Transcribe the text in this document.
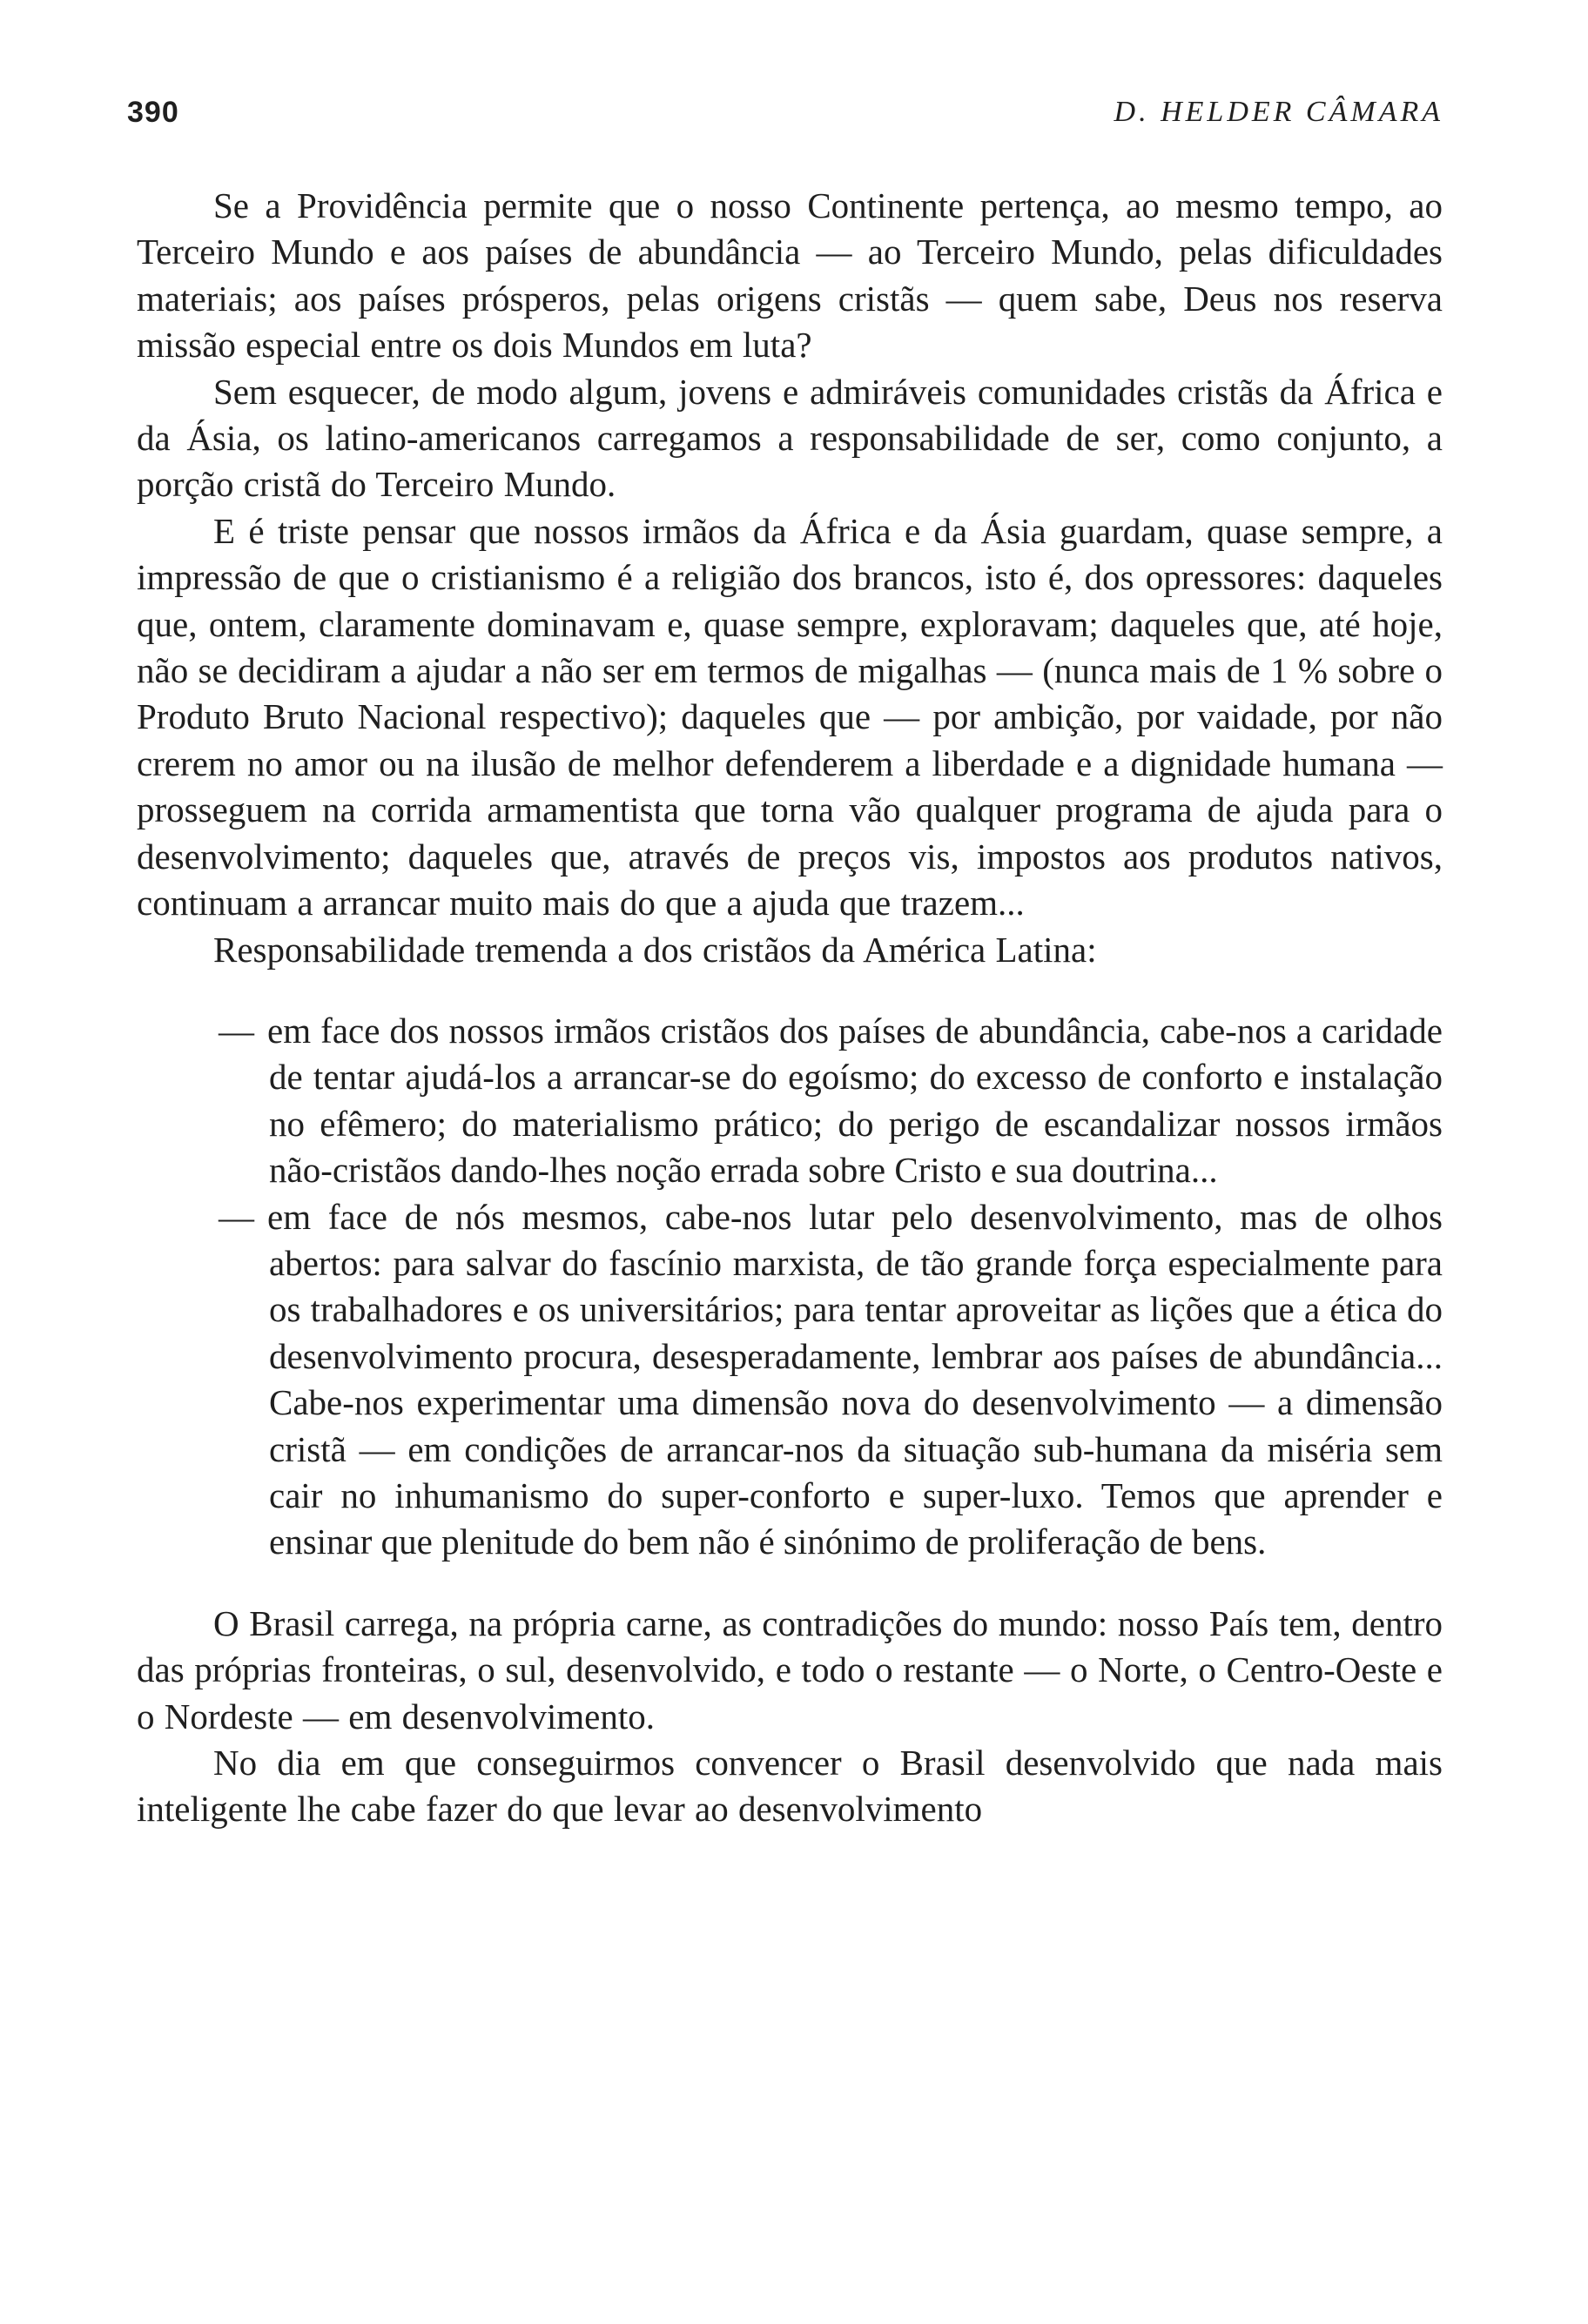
390	D. HELDER CÂMARA

Se a Providência permite que o nosso Continente pertença, ao mesmo tempo, ao Terceiro Mundo e aos países de abundância — ao Terceiro Mundo, pelas dificuldades materiais; aos países prósperos, pelas origens cristãs — quem sabe, Deus nos reserva missão especial entre os dois Mundos em luta?

Sem esquecer, de modo algum, jovens e admiráveis comunidades cristãs da África e da Ásia, os latino-americanos carregamos a responsabilidade de ser, como conjunto, a porção cristã do Terceiro Mundo.

E é triste pensar que nossos irmãos da África e da Ásia guardam, quase sempre, a impressão de que o cristianismo é a religião dos brancos, isto é, dos opressores: daqueles que, ontem, claramente dominavam e, quase sempre, exploravam; daqueles que, até hoje, não se decidiram a ajudar a não ser em termos de migalhas — (nunca mais de 1 % sobre o Produto Bruto Nacional respectivo); daqueles que — por ambição, por vaidade, por não crerem no amor ou na ilusão de melhor defenderem a liberdade e a dignidade humana — prosseguem na corrida armamentista que torna vão qualquer programa de ajuda para o desenvolvimento; daqueles que, através de preços vis, impostos aos produtos nativos, continuam a arrancar muito mais do que a ajuda que trazem...

Responsabilidade tremenda a dos cristãos da América Latina:

— em face dos nossos irmãos cristãos dos países de abundância, cabe-nos a caridade de tentar ajudá-los a arrancar-se do egoísmo; do excesso de conforto e instalação no efêmero; do materialismo prático; do perigo de escandalizar nossos irmãos não-cristãos dando-lhes noção errada sobre Cristo e sua doutrina...
— em face de nós mesmos, cabe-nos lutar pelo desenvolvimento, mas de olhos abertos: para salvar do fascínio marxista, de tão grande força especialmente para os trabalhadores e os universitários; para tentar aproveitar as lições que a ética do desenvolvimento procura, desesperadamente, lembrar aos países de abundância... Cabe-nos experimentar uma dimensão nova do desenvolvimento — a dimensão cristã — em condições de arrancar-nos da situação sub-humana da miséria sem cair no inhumanismo do super-conforto e super-luxo. Temos que aprender e ensinar que plenitude do bem não é sinónimo de proliferação de bens.

O Brasil carrega, na própria carne, as contradições do mundo: nosso País tem, dentro das próprias fronteiras, o sul, desenvolvido, e todo o restante — o Norte, o Centro-Oeste e o Nordeste — em desenvolvimento.

No dia em que conseguirmos convencer o Brasil desenvolvido que nada mais inteligente lhe cabe fazer do que levar ao desenvolvimento
